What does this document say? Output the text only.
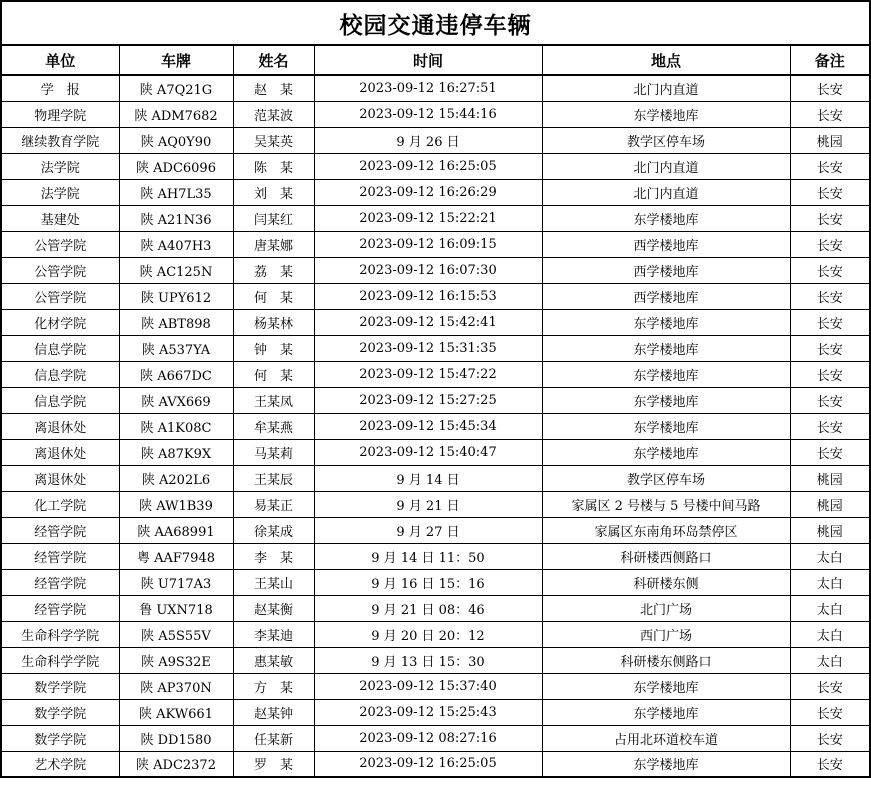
校园交通违停车辆					
单位	车牌	姓名	时间	地点	备注
学　报	陕 A7Q21G	赵　某	2023-09-12 16:27:51	北门内直道	长安
物理学院	陕 ADM7682	范某波	2023-09-12 15:44:16	东学楼地库	长安
继续教育学院	陕 AQ0Y90	吴某英	9 月 26 日	教学区停车场	桃园
法学院	陕 ADC6096	陈　某	2023-09-12 16:25:05	北门内直道	长安
法学院	陕 AH7L35	刘　某	2023-09-12 16:26:29	北门内直道	长安
基建处	陕 A21N36	闫某红	2023-09-12 15:22:21	东学楼地库	长安
公管学院	陕 A407H3	唐某娜	2023-09-12 16:09:15	西学楼地库	长安
公管学院	陕 AC125N	荔　某	2023-09-12 16:07:30	西学楼地库	长安
公管学院	陕 UPY612	何　某	2023-09-12 16:15:53	西学楼地库	长安
化材学院	陕 ABT898	杨某林	2023-09-12 15:42:41	东学楼地库	长安
信息学院	陕 A537YA	钟　某	2023-09-12 15:31:35	东学楼地库	长安
信息学院	陕 A667DC	何　某	2023-09-12 15:47:22	东学楼地库	长安
信息学院	陕 AVX669	王某凤	2023-09-12 15:27:25	东学楼地库	长安
离退休处	陕 A1K08C	牟某燕	2023-09-12 15:45:34	东学楼地库	长安
离退休处	陕 A87K9X	马某莉	2023-09-12 15:40:47	东学楼地库	长安
离退休处	陕 A202L6	王某辰	9 月 14 日	教学区停车场	桃园
化工学院	陕 AW1B39	易某正	9 月 21 日	家属区 2 号楼与 5 号楼中间马路	桃园
经管学院	陕 AA68991	徐某成	9 月 27 日	家属区东南角环岛禁停区	桃园
经管学院	粤 AAF7948	李　某	9 月 14 日 11：50	科研楼西侧路口	太白
经管学院	陕 U717A3	王某山	9 月 16 日 15：16	科研楼东侧	太白
经管学院	鲁 UXN718	赵某衡	9 月 21 日 08：46	北门广场	太白
生命科学学院	陕 A5S55V	李某迪	9 月 20 日 20：12	西门广场	太白
生命科学学院	陕 A9S32E	惠某敏	9 月 13 日 15：30	科研楼东侧路口	太白
数学学院	陕 AP370N	方　某	2023-09-12 15:37:40	东学楼地库	长安
数学学院	陕 AKW661	赵某钟	2023-09-12 15:25:43	东学楼地库	长安
数学学院	陕 DD1580	任某新	2023-09-12 08:27:16	占用北环道校车道	长安
艺术学院	陕 ADC2372	罗　某	2023-09-12 16:25:05	东学楼地库	长安
